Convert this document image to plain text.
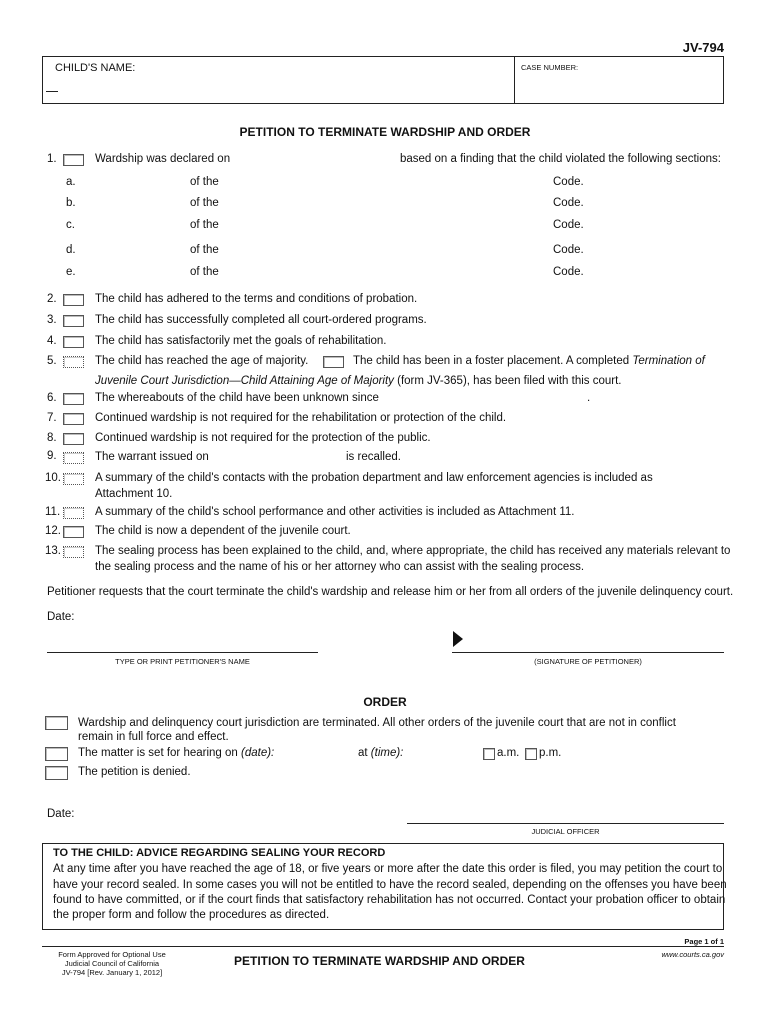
JV-794
CHILD'S NAME:	CASE NUMBER:
PETITION TO TERMINATE WARDSHIP AND ORDER
1.	Wardship was declared on	based on a finding that the child violated the following sections:
a.	of the	Code.
b.	of the	Code.
c.	of the	Code.
d.	of the	Code.
e.	of the	Code.
2.	The child has adhered to the terms and conditions of probation.
3.	The child has successfully completed all court-ordered programs.
4.	The child has satisfactorily met the goals of rehabilitation.
5.	The child has reached the age of majority.	The child has been in a foster placement. A completed Termination of
Juvenile Court Jurisdiction—Child Attaining Age of Majority (form JV-365), has been filed with this court.
6.	The whereabouts of the child have been unknown since	.
7.	Continued wardship is not required for the rehabilitation or protection of the child.
8.	Continued wardship is not required for the protection of the public.
9.	The warrant issued on	is recalled.
10.	A summary of the child's contacts with the probation department and law enforcement agencies is included as
Attachment 10.
11.	A summary of the child's school performance and other activities is included as Attachment 11.
12.	The child is now a dependent of the juvenile court.
13.	The sealing process has been explained to the child, and, where appropriate, the child has received any materials relevant to
the sealing process and the name of his or her attorney who can assist with the sealing process.
Petitioner requests that the court terminate the child's wardship and release him or her from all orders of the juvenile delinquency court.
Date:
TYPE OR PRINT PETITIONER'S NAME	(SIGNATURE OF PETITIONER)
ORDER
Wardship and delinquency court jurisdiction are terminated. All other orders of the juvenile court that are not in conflict
remain in full force and effect.
The matter is set for hearing on (date):	at (time):	a.m. p.m.
The petition is denied.
Date:
JUDICIAL OFFICER
TO THE CHILD: ADVICE REGARDING SEALING YOUR RECORD
At any time after you have reached the age of 18, or five years or more after the date this order is filed, you may petition the court to
have your record sealed. In some cases you will not be entitled to have the record sealed, depending on the offenses you have been
found to have committed, or if the court finds that satisfactory rehabilitation has not occurred. Contact your probation officer to obtain
the proper form and follow the procedures as directed.
Page 1 of 1
Form Approved for Optional Use
Judicial Council of California
JV-794 [Rev. January 1, 2012]
PETITION TO TERMINATE WARDSHIP AND ORDER	www.courts.ca.gov
